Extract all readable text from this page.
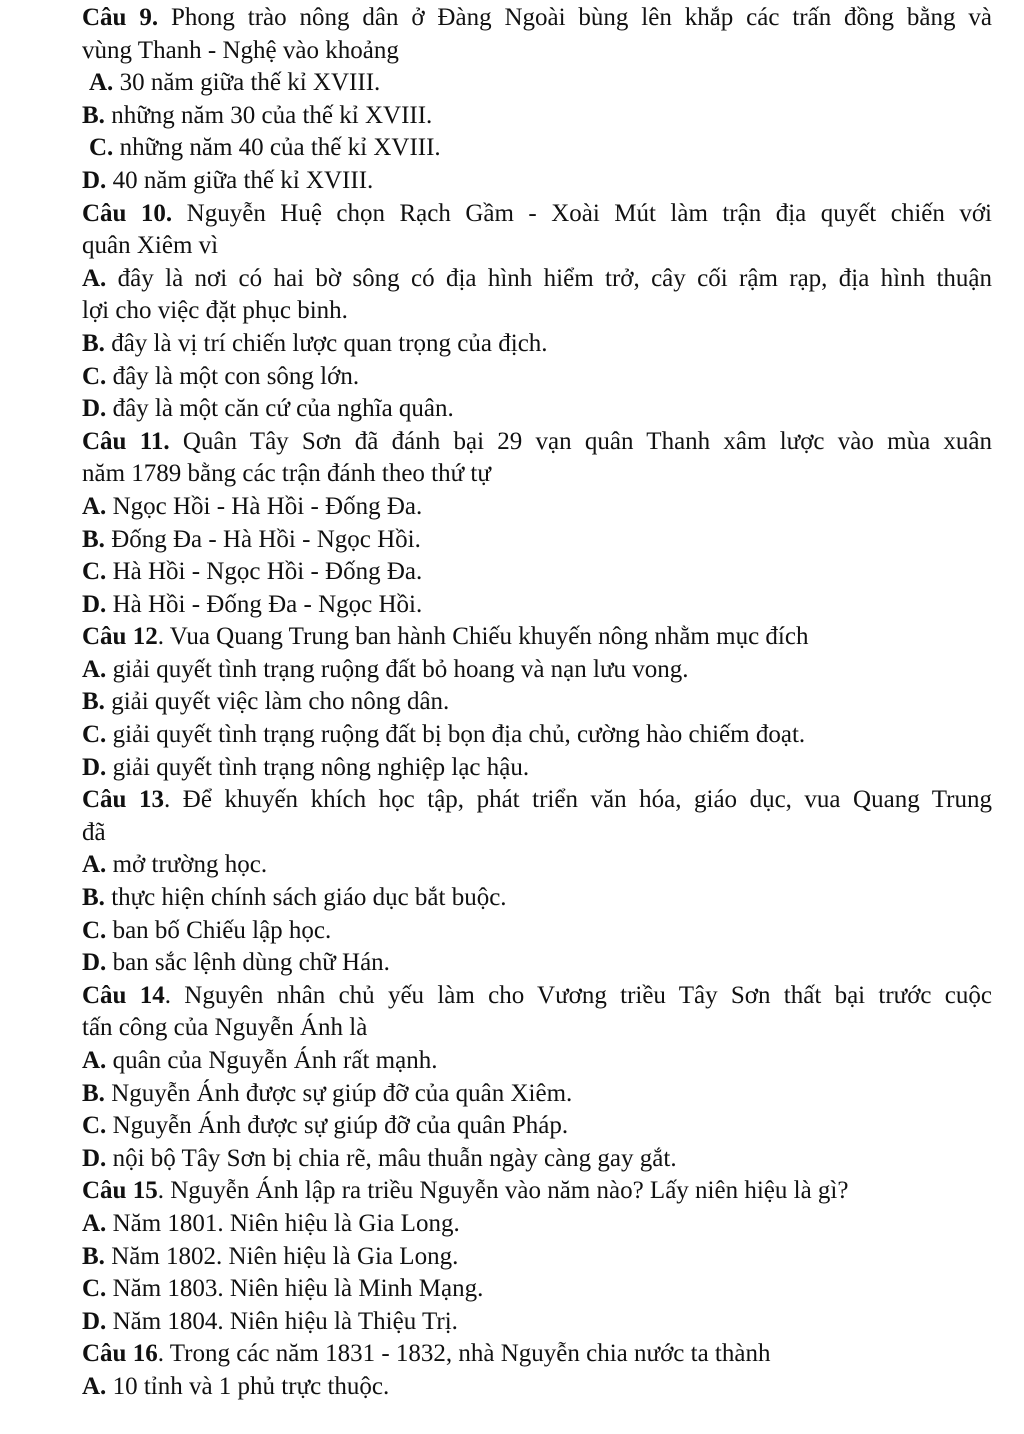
Câu 9. Phong trào nông dân ở Đàng Ngoài bùng lên khắp các trấn đồng bằng và
vùng Thanh - Nghệ vào khoảng
A. 30 năm giữa thế kỉ XVIII.
B. những năm 30 của thế kỉ XVIII.
C. những năm 40 của thế kỉ XVIII.
D. 40 năm giữa thế kỉ XVIII.
Câu 10. Nguyễn Huệ chọn Rạch Gầm - Xoài Mút làm trận địa quyết chiến với
quân Xiêm vì
A. đây là nơi có hai bờ sông có địa hình hiểm trở, cây cối rậm rạp, địa hình thuận
lợi cho việc đặt phục binh.
B. đây là vị trí chiến lược quan trọng của địch.
C. đây là một con sông lớn.
D. đây là một căn cứ của nghĩa quân.
Câu 11. Quân Tây Sơn đã đánh bại 29 vạn quân Thanh xâm lược vào mùa xuân
năm 1789 bằng các trận đánh theo thứ tự
A. Ngọc Hồi - Hà Hồi - Đống Đa.
B. Đống Đa - Hà Hồi - Ngọc Hồi.
C. Hà Hồi - Ngọc Hồi - Đống Đa.
D. Hà Hồi - Đống Đa - Ngọc Hồi.
Câu 12. Vua Quang Trung ban hành Chiếu khuyến nông nhằm mục đích
A. giải quyết tình trạng ruộng đất bỏ hoang và nạn lưu vong.
B. giải quyết việc làm cho nông dân.
C. giải quyết tình trạng ruộng đất bị bọn địa chủ, cường hào chiếm đoạt.
D. giải quyết tình trạng nông nghiệp lạc hậu.
Câu 13. Để khuyến khích học tập, phát triển văn hóa, giáo dục, vua Quang Trung
đã
A. mở trường học.
B. thực hiện chính sách giáo dục bắt buộc.
C. ban bố Chiếu lập học.
D. ban sắc lệnh dùng chữ Hán.
Câu 14. Nguyên nhân chủ yếu làm cho Vương triều Tây Sơn thất bại trước cuộc
tấn công của Nguyễn Ánh là
A. quân của Nguyễn Ánh rất mạnh.
B. Nguyễn Ánh được sự giúp đỡ của quân Xiêm.
C. Nguyễn Ánh được sự giúp đỡ của quân Pháp.
D. nội bộ Tây Sơn bị chia rẽ, mâu thuẫn ngày càng gay gắt.
Câu 15. Nguyễn Ánh lập ra triều Nguyễn vào năm nào? Lấy niên hiệu là gì?
A. Năm 1801. Niên hiệu là Gia Long.
B. Năm 1802. Niên hiệu là Gia Long.
C. Năm 1803. Niên hiệu là Minh Mạng.
D. Năm 1804. Niên hiệu là Thiệu Trị.
Câu 16. Trong các năm 1831 - 1832, nhà Nguyễn chia nước ta thành
A. 10 tỉnh và 1 phủ trực thuộc.
